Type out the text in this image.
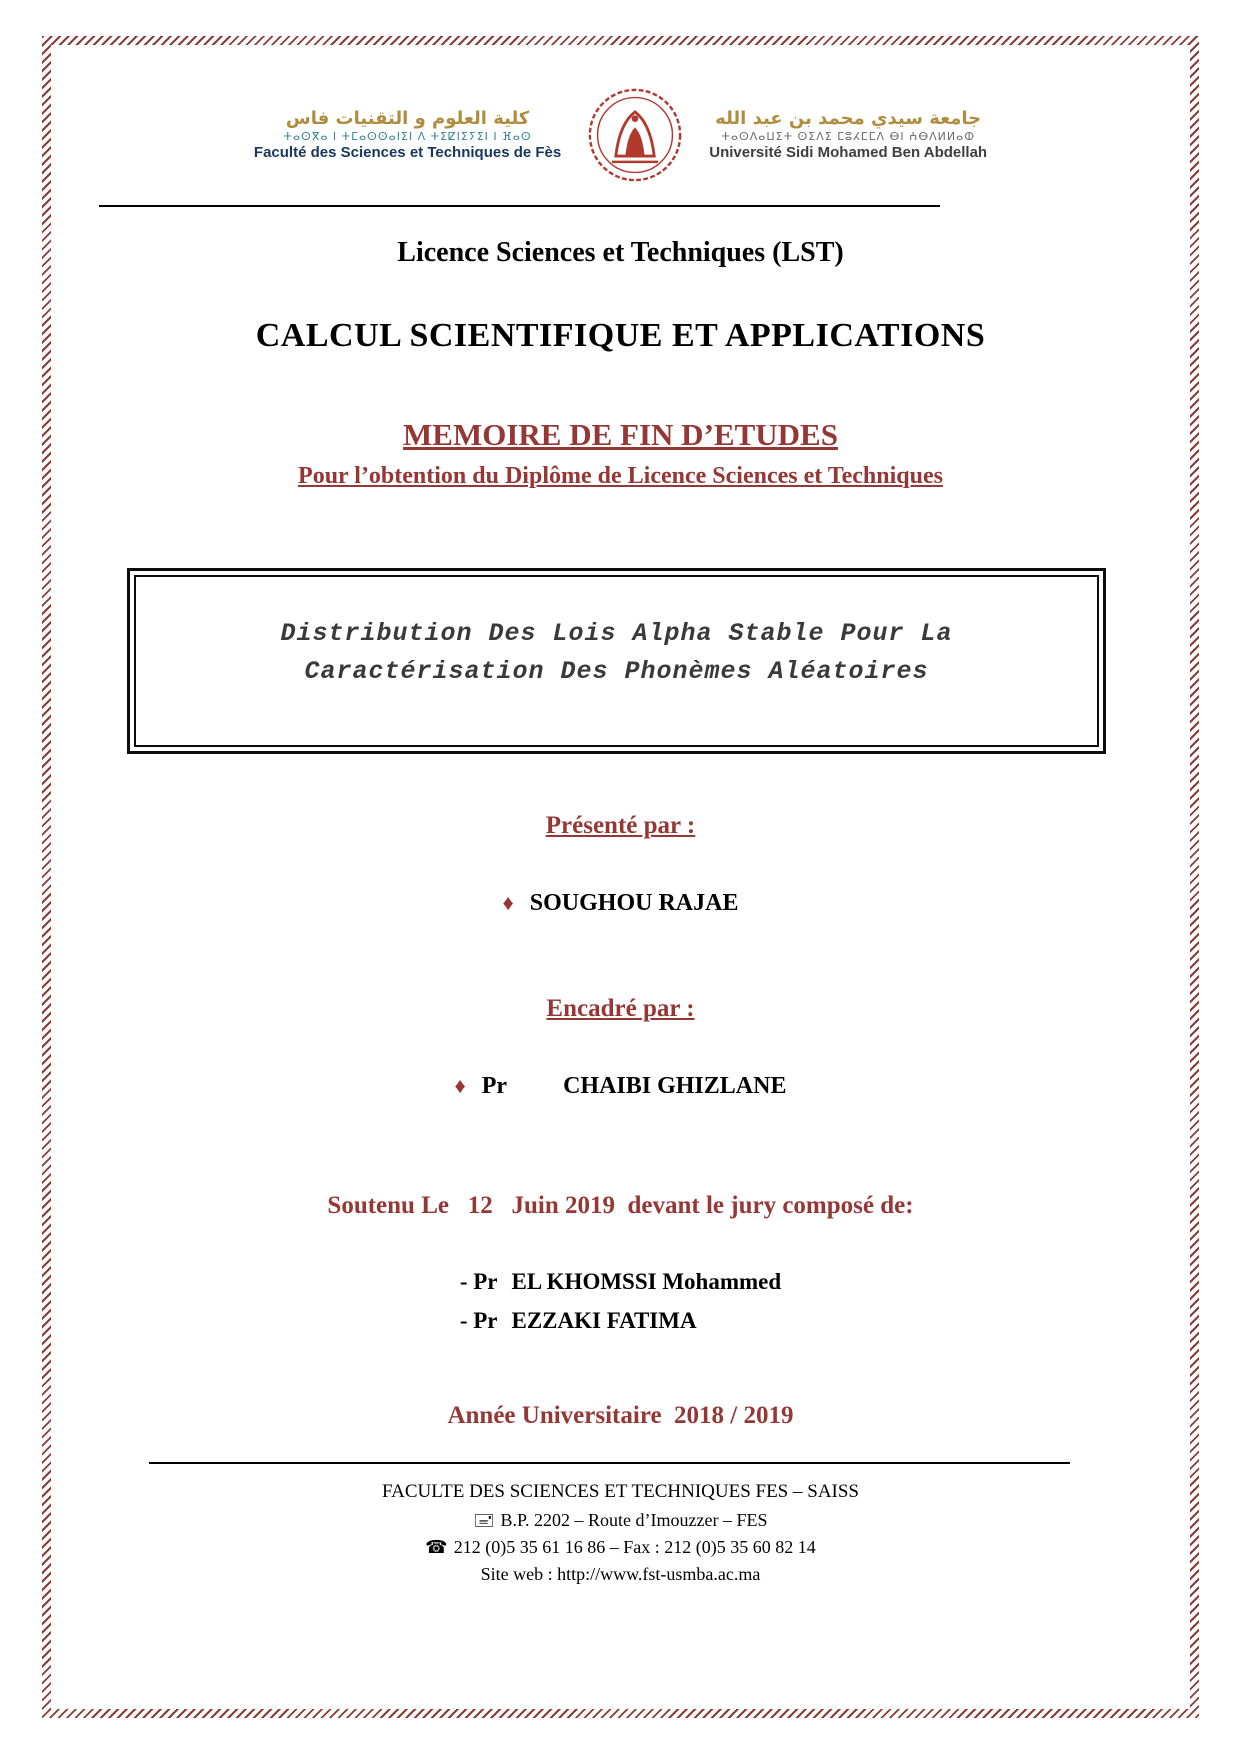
كلية العلوم و التقنيات فاس
ⵜⴰⵙⴳⴰ ⵏ ⵜⵎⴰⵙⵙⴰⵏⵉⵏ ⴷ ⵜⵉⵇⵏⵉⵢⵉⵏ ⵏ ⴼⴰⵙ
Faculté des Sciences et Techniques de Fès
جامعة سيدي محمد بن عبد الله
ⵜⴰⵙⴷⴰⵡⵉⵜ ⵙⵉⴷⵉ ⵎⵓⵃⵎⵎⴷ ⴱⵏ ⵄⴱⴷⵍⵍⴰⵀ
Université Sidi Mohamed Ben Abdellah
Licence Sciences et Techniques (LST)
CALCUL SCIENTIFIQUE ET APPLICATIONS
MEMOIRE DE FIN D’ETUDES
Pour l’obtention du Diplôme de Licence Sciences et Techniques
Distribution Des Lois Alpha Stable Pour La
Caractérisation Des Phonèmes Aléatoires
Présenté par :
♦ SOUGHOU RAJAE
Encadré par :
♦ Pr CHAIBI GHIZLANE
Soutenu Le   12   Juin 2019  devant le jury composé de:
- Pr EL KHOMSSI Mohammed
- Pr EZZAKI FATIMA
Année Universitaire  2018 / 2019
FACULTE DES SCIENCES ET TECHNIQUES FES – SAISS
🖃 B.P. 2202 – Route d’Imouzzer – FES
☎ 212 (0)5 35 61 16 86 – Fax : 212 (0)5 35 60 82 14
Site web : http://www.fst-usmba.ac.ma
